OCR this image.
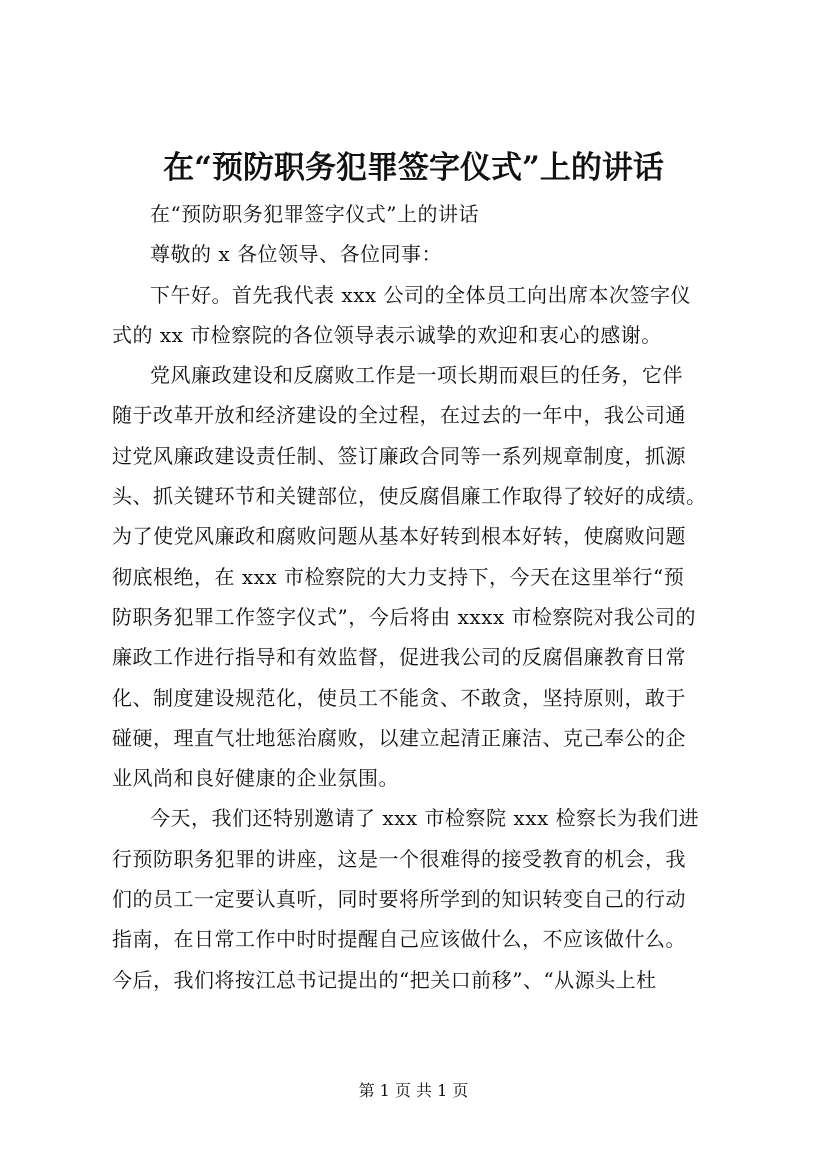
在“预防职务犯罪签字仪式”上的讲话
在“预防职务犯罪签字仪式”上的讲话
尊敬的 x 各位领导、各位同事：
下午好。首先我代表 xxx 公司的全体员工向出席本次签字仪
式的 xx 市检察院的各位领导表示诚挚的欢迎和衷心的感谢。
党风廉政建设和反腐败工作是一项长期而艰巨的任务，它伴
随于改革开放和经济建设的全过程，在过去的一年中，我公司通
过党风廉政建设责任制、签订廉政合同等一系列规章制度，抓源
头、抓关键环节和关键部位，使反腐倡廉工作取得了较好的成绩。
为了使党风廉政和腐败问题从基本好转到根本好转，使腐败问题
彻底根绝，在 xxx 市检察院的大力支持下，今天在这里举行“预
防职务犯罪工作签字仪式”，今后将由 xxxx 市检察院对我公司的
廉政工作进行指导和有效监督，促进我公司的反腐倡廉教育日常
化、制度建设规范化，使员工不能贪、不敢贪，坚持原则，敢于
碰硬，理直气壮地惩治腐败，以建立起清正廉洁、克己奉公的企
业风尚和良好健康的企业氛围。
今天，我们还特别邀请了 xxx 市检察院 xxx 检察长为我们进
行预防职务犯罪的讲座，这是一个很难得的接受教育的机会，我
们的员工一定要认真听，同时要将所学到的知识转变自己的行动
指南，在日常工作中时时提醒自己应该做什么，不应该做什么。
今后，我们将按江总书记提出的“把关口前移”、“从源头上杜
第 1 页 共 1 页
